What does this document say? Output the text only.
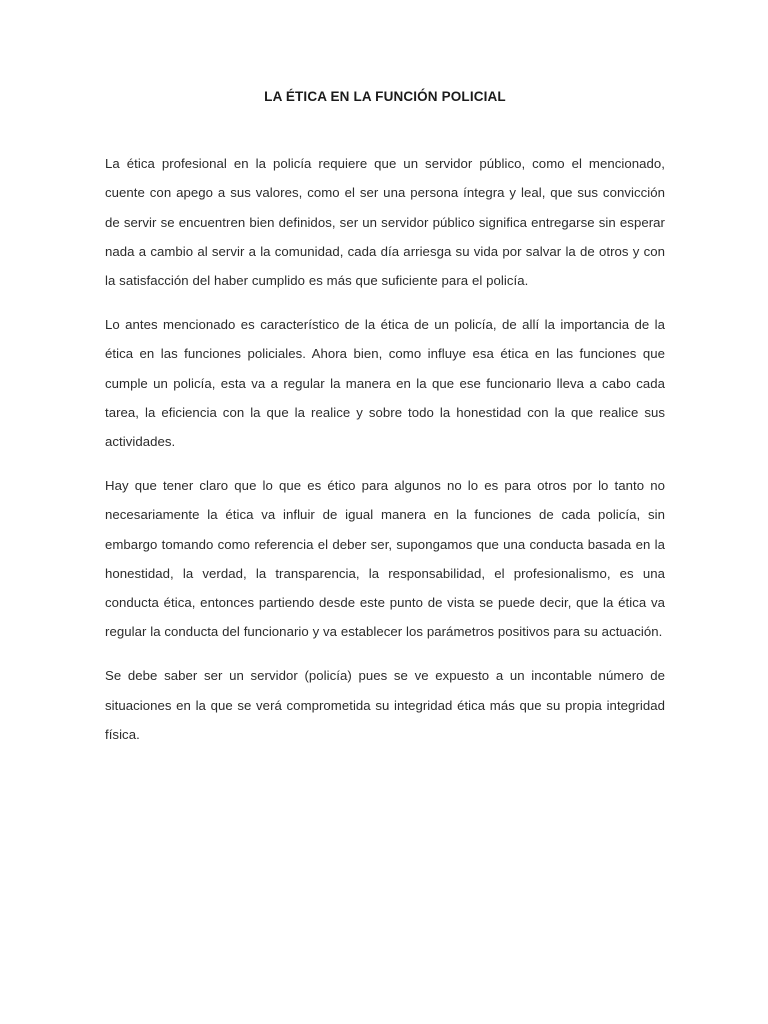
LA ÉTICA EN LA FUNCIÓN POLICIAL

La ética profesional en la policía requiere que un servidor público, como el mencionado, cuente con apego a sus valores, como el ser una persona íntegra y leal, que sus convicción de servir se encuentren bien definidos, ser un servidor público significa entregarse sin esperar nada a cambio al servir a la comunidad, cada día arriesga su vida por salvar la de otros y con la satisfacción del haber cumplido es más que suficiente para el policía.

Lo antes mencionado es característico de la ética de un policía, de allí la importancia de la ética en las funciones policiales. Ahora bien, como influye esa ética en las funciones que cumple un policía, esta va a regular la manera en la que ese funcionario lleva a cabo cada tarea, la eficiencia con la que la realice y sobre todo la honestidad con la que realice sus actividades.

Hay que tener claro que lo que es ético para algunos no lo es para otros por lo tanto no necesariamente la ética va influir de igual manera en la funciones de cada policía, sin embargo tomando como referencia el deber ser, supongamos que una conducta basada en la honestidad, la verdad, la transparencia, la responsabilidad, el profesionalismo, es una conducta ética, entonces partiendo desde este punto de vista se puede decir, que la ética va regular la conducta del funcionario y va establecer los parámetros positivos para su actuación.

Se debe saber ser un servidor (policía) pues se ve expuesto a un incontable número de situaciones en la que se verá comprometida su integridad ética más que su propia integridad física.
